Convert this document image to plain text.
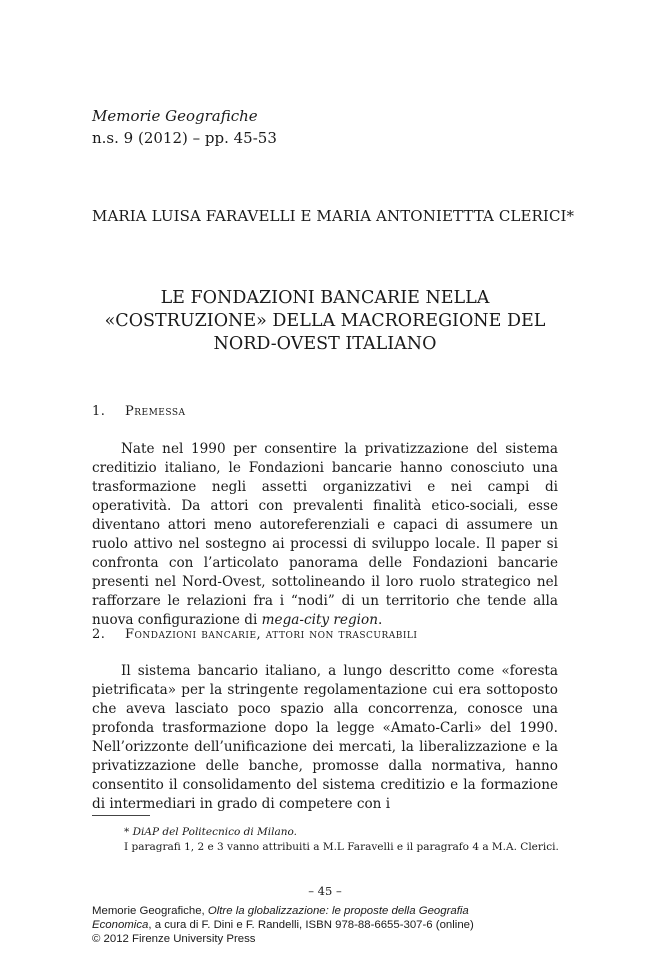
Memorie Geografiche
n.s. 9 (2012) – pp. 45-53
MARIA LUISA FARAVELLI E MARIA ANTONIETTTA CLERICI*
LE FONDAZIONI BANCARIE NELLA
«COSTRUZIONE» DELLA MACROREGIONE DEL
NORD-OVEST ITALIANO
1. Premessa
Nate nel 1990 per consentire la privatizzazione del sistema creditizio italiano, le Fondazioni bancarie hanno conosciuto una trasformazione negli assetti organizzativi e nei campi di operatività. Da attori con prevalenti finalità etico-sociali, esse diventano attori meno autoreferenziali e capaci di assumere un ruolo attivo nel sostegno ai processi di sviluppo locale. Il paper si confronta con l’articolato panorama delle Fondazioni bancarie presenti nel Nord-Ovest, sottolineando il loro ruolo strategico nel rafforzare le relazioni fra i “nodi” di un territorio che tende alla nuova configurazione di mega-city region.
2. Fondazioni bancarie, attori non trascurabili
Il sistema bancario italiano, a lungo descritto come «foresta pietrificata» per la stringente regolamentazione cui era sottoposto che aveva lasciato poco spazio alla concorrenza, conosce una profonda trasformazione dopo la legge «Amato-Carli» del 1990. Nell’orizzonte dell’unificazione dei mercati, la liberalizzazione e la privatizzazione delle banche, promosse dalla normativa, hanno consentito il consolidamento del sistema creditizio e la formazione di intermediari in grado di competere con i
* DiAP del Politecnico di Milano.
I paragrafi 1, 2 e 3 vanno attribuiti a M.L Faravelli e il paragrafo 4 a M.A. Clerici.
– 45 –
Memorie Geografiche, Oltre la globalizzazione: le proposte della Geografia
Economica, a cura di F. Dini e F. Randelli, ISBN 978-88-6655-307-6 (online)
© 2012 Firenze University Press
